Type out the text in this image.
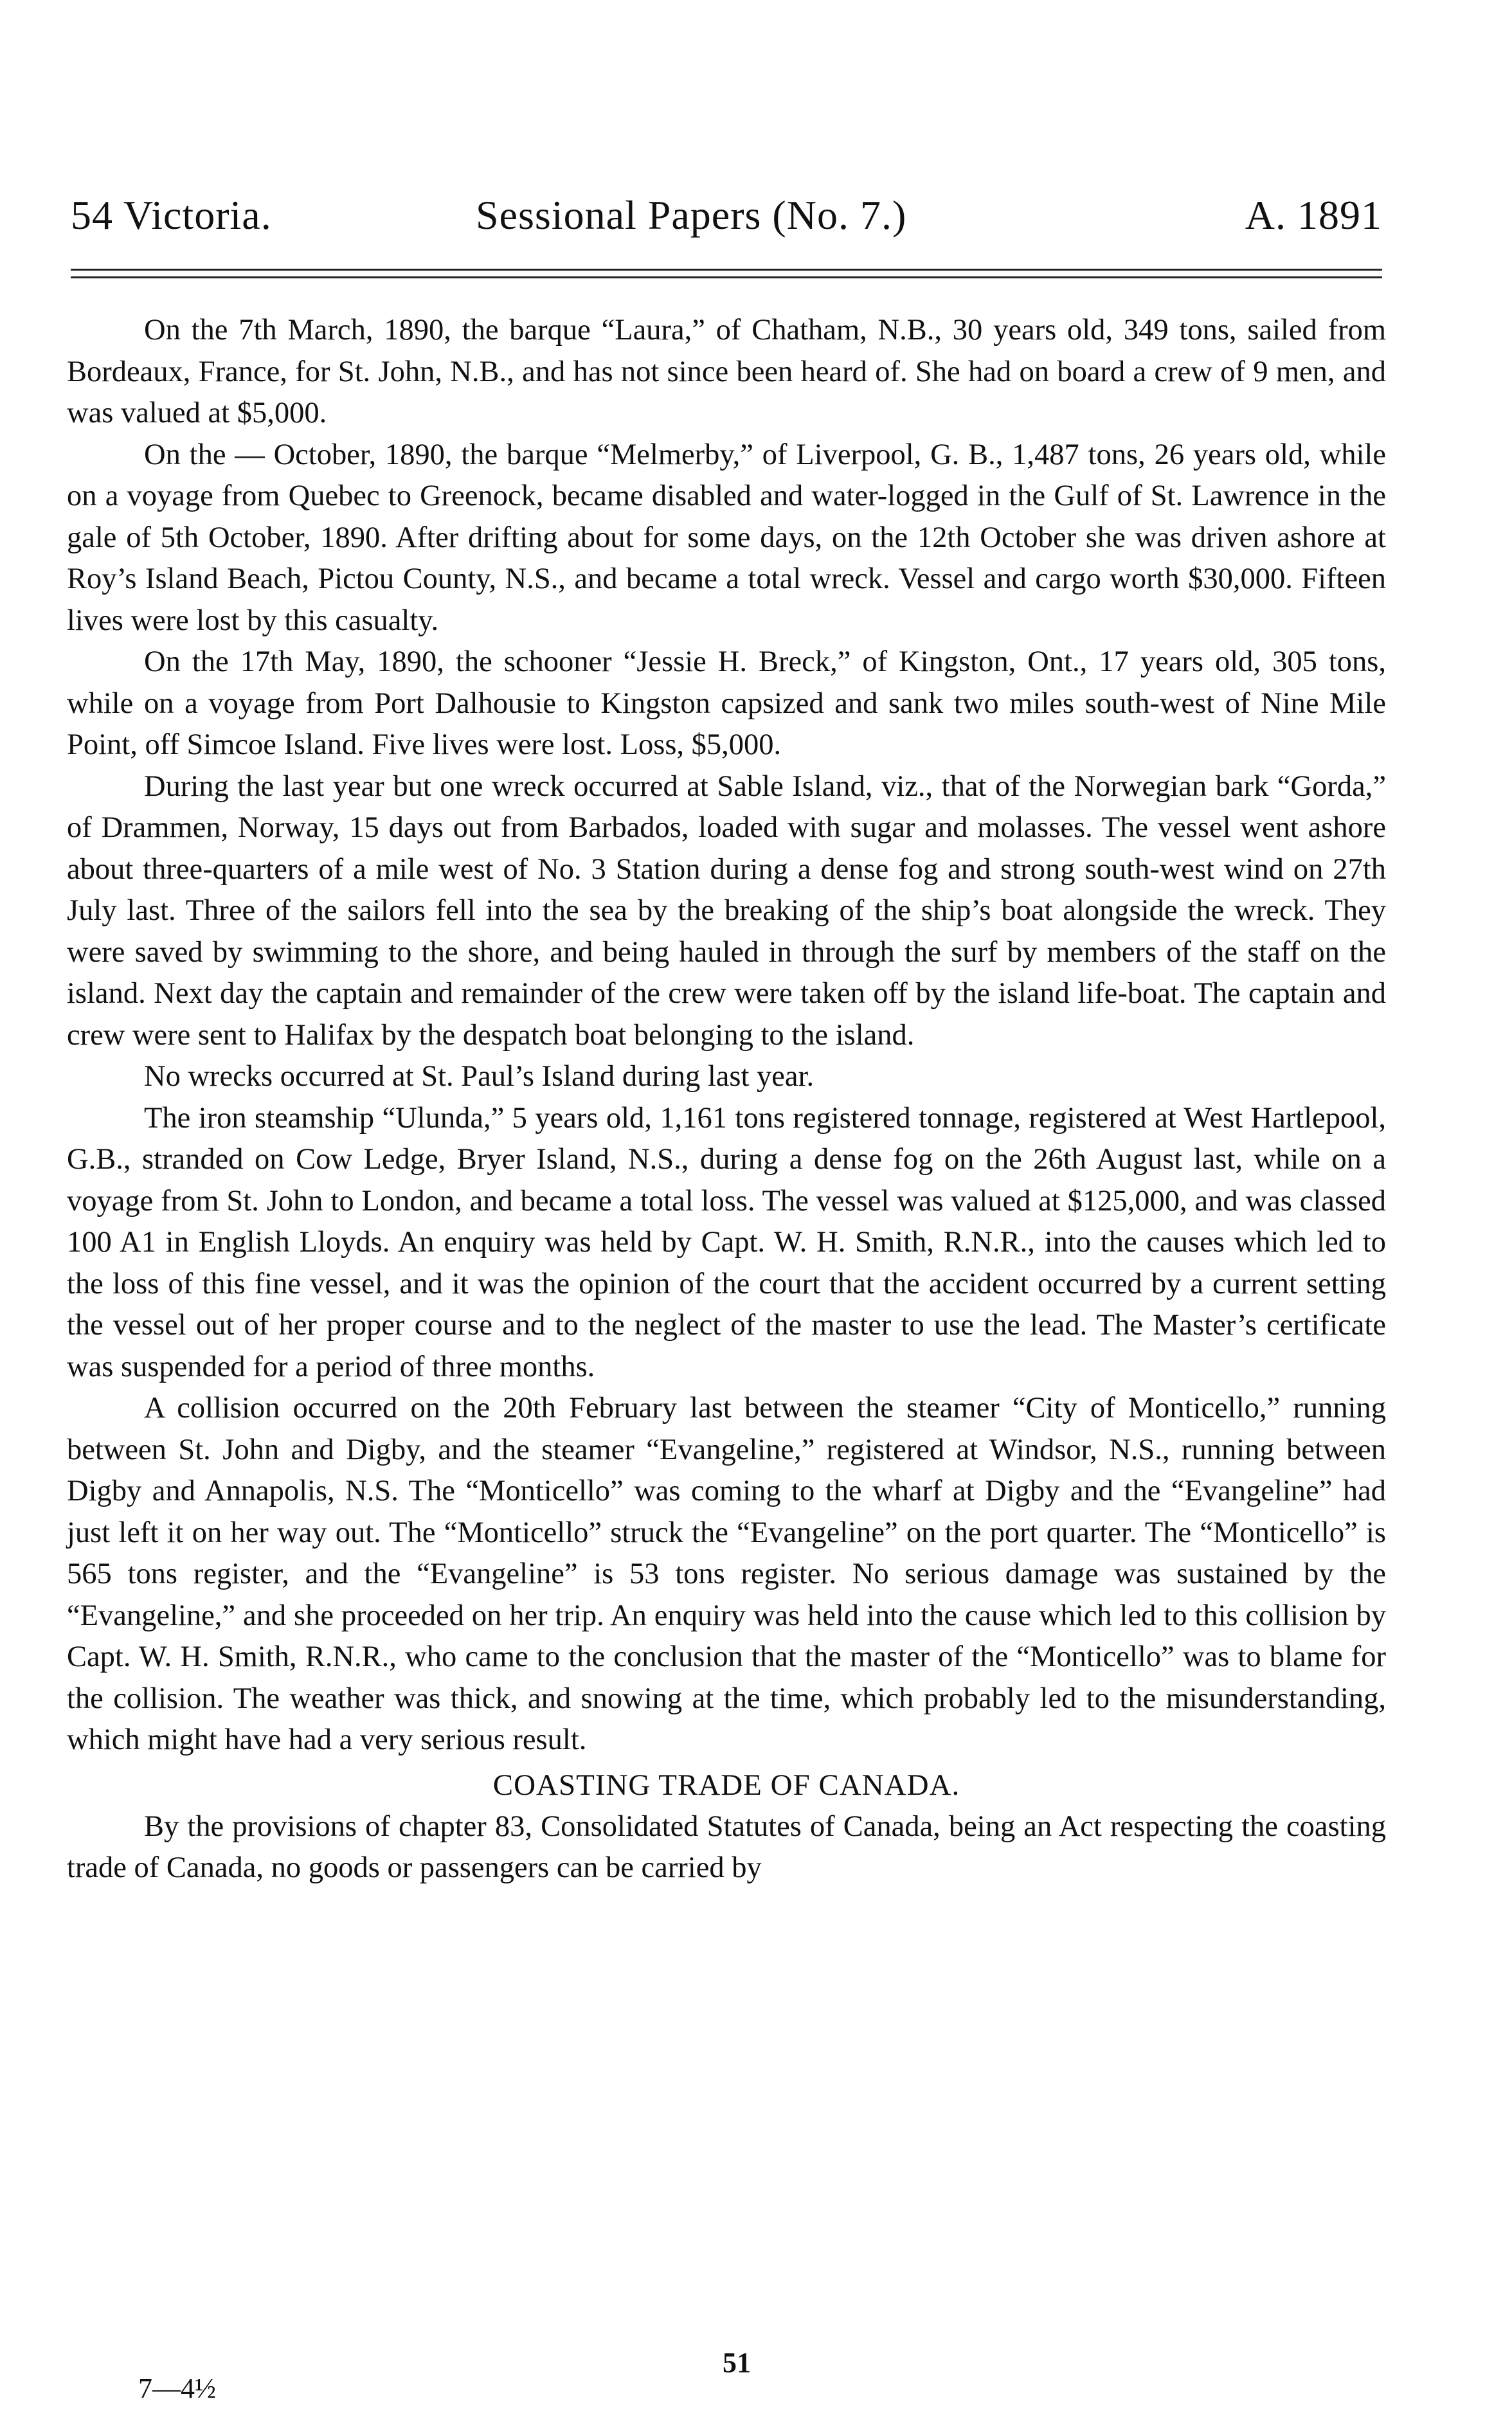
54 Victoria.	Sessional Papers (No. 7.)	A. 1891

On the 7th March, 1890, the barque “Laura,” of Chatham, N.B., 30 years old, 349 tons, sailed from Bordeaux, France, for St. John, N.B., and has not since been heard of. She had on board a crew of 9 men, and was valued at $5,000.

On the — October, 1890, the barque “Melmerby,” of Liverpool, G. B., 1,487 tons, 26 years old, while on a voyage from Quebec to Greenock, became disabled and water-logged in the Gulf of St. Lawrence in the gale of 5th October, 1890. After drifting about for some days, on the 12th October she was driven ashore at Roy’s Island Beach, Pictou County, N.S., and became a total wreck. Vessel and cargo worth $30,000. Fifteen lives were lost by this casualty.

On the 17th May, 1890, the schooner “Jessie H. Breck,” of Kingston, Ont., 17 years old, 305 tons, while on a voyage from Port Dalhousie to Kingston capsized and sank two miles south-west of Nine Mile Point, off Simcoe Island. Five lives were lost. Loss, $5,000.

During the last year but one wreck occurred at Sable Island, viz., that of the Norwegian bark “Gorda,” of Drammen, Norway, 15 days out from Barbados, loaded with sugar and molasses. The vessel went ashore about three-quarters of a mile west of No. 3 Station during a dense fog and strong south-west wind on 27th July last. Three of the sailors fell into the sea by the breaking of the ship’s boat alongside the wreck. They were saved by swimming to the shore, and being hauled in through the surf by members of the staff on the island. Next day the captain and remainder of the crew were taken off by the island life-boat. The captain and crew were sent to Halifax by the despatch boat belonging to the island.

No wrecks occurred at St. Paul’s Island during last year.

The iron steamship “Ulunda,” 5 years old, 1,161 tons registered tonnage, registered at West Hartlepool, G.B., stranded on Cow Ledge, Bryer Island, N.S., during a dense fog on the 26th August last, while on a voyage from St. John to London, and became a total loss. The vessel was valued at $125,000, and was classed 100 A1 in English Lloyds. An enquiry was held by Capt. W. H. Smith, R.N.R., into the causes which led to the loss of this fine vessel, and it was the opinion of the court that the accident occurred by a current setting the vessel out of her proper course and to the neglect of the master to use the lead. The Master’s certificate was suspended for a period of three months.

A collision occurred on the 20th February last between the steamer “City of Monticello,” running between St. John and Digby, and the steamer “Evangeline,” registered at Windsor, N.S., running between Digby and Annapolis, N.S. The “Monticello” was coming to the wharf at Digby and the “Evangeline” had just left it on her way out. The “Monticello” struck the “Evangeline” on the port quarter. The “Monticello” is 565 tons register, and the “Evangeline” is 53 tons register. No serious damage was sustained by the “Evangeline,” and she proceeded on her trip. An enquiry was held into the cause which led to this collision by Capt. W. H. Smith, R.N.R., who came to the conclusion that the master of the “Monticello” was to blame for the collision. The weather was thick, and snowing at the time, which probably led to the misunderstanding, which might have had a very serious result.

COASTING TRADE OF CANADA.

By the provisions of chapter 83, Consolidated Statutes of Canada, being an Act respecting the coasting trade of Canada, no goods or passengers can be carried by

51
7—4½
